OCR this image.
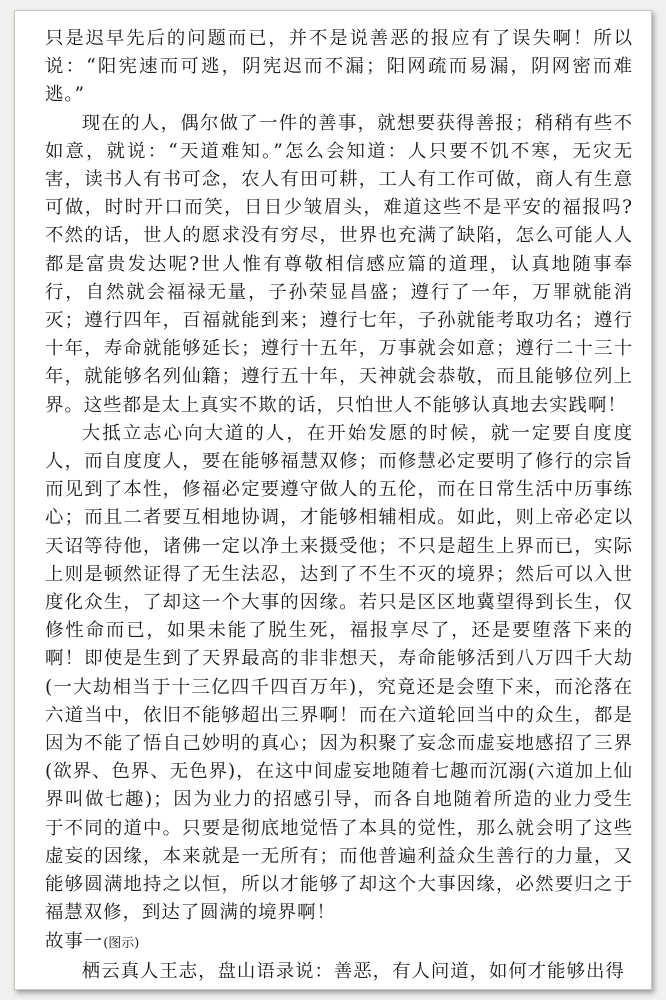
只是迟早先后的问题而已，并不是说善恶的报应有了误失啊！所以说：“阳宪速而可逃，阴宪迟而不漏；阳网疏而易漏，阴网密而难逃。”

现在的人，偶尔做了一件的善事，就想要获得善报；稍稍有些不如意，就说：“天道难知。”怎么会知道：人只要不饥不寒，无灾无害，读书人有书可念，农人有田可耕，工人有工作可做，商人有生意可做，时时开口而笑，日日少皱眉头，难道这些不是平安的福报吗?不然的话，世人的愿求没有穷尽，世界也充满了缺陷，怎么可能人人都是富贵发达呢?世人惟有尊敬相信感应篇的道理，认真地随事奉行，自然就会福禄无量，子孙荣显昌盛；遵行了一年，万罪就能消灭；遵行四年，百福就能到来；遵行七年，子孙就能考取功名；遵行十年，寿命就能够延长；遵行十五年，万事就会如意；遵行二十三十年，就能够名列仙籍；遵行五十年，天神就会恭敬，而且能够位列上界。这些都是太上真实不欺的话，只怕世人不能够认真地去实践啊！

大抵立志心向大道的人，在开始发愿的时候，就一定要自度度人，而自度度人，要在能够福慧双修；而修慧必定要明了修行的宗旨而见到了本性，修福必定要遵守做人的五伦，而在日常生活中历事练心；而且二者要互相地协调，才能够相辅相成。如此，则上帝必定以天诏等待他，诸佛一定以净土来摄受他；不只是超生上界而已，实际上则是顿然证得了无生法忍，达到了不生不灭的境界；然后可以入世度化众生，了却这一个大事的因缘。若只是区区地冀望得到长生，仅修性命而已，如果未能了脱生死，福报享尽了，还是要堕落下来的啊！即使是生到了天界最高的非非想天，寿命能够活到八万四千大劫(一大劫相当于十三亿四千四百万年)，究竟还是会堕下来，而沦落在六道当中，依旧不能够超出三界啊！而在六道轮回当中的众生，都是因为不能了悟自己妙明的真心；因为积聚了妄念而虚妄地感招了三界(欲界、色界、无色界)，在这中间虚妄地随着七趣而沉溺(六道加上仙界叫做七趣)；因为业力的招感引导，而各自地随着所造的业力受生于不同的道中。只要是彻底地觉悟了本具的觉性，那么就会明了这些虚妄的因缘，本来就是一无所有；而他普遍利益众生善行的力量，又能够圆满地持之以恒，所以才能够了却这个大事因缘，必然要归之于福慧双修，到达了圆满的境界啊！

故事一(图示)

栖云真人王志，盘山语录说：善恶，有人问道，如何才能够出得
